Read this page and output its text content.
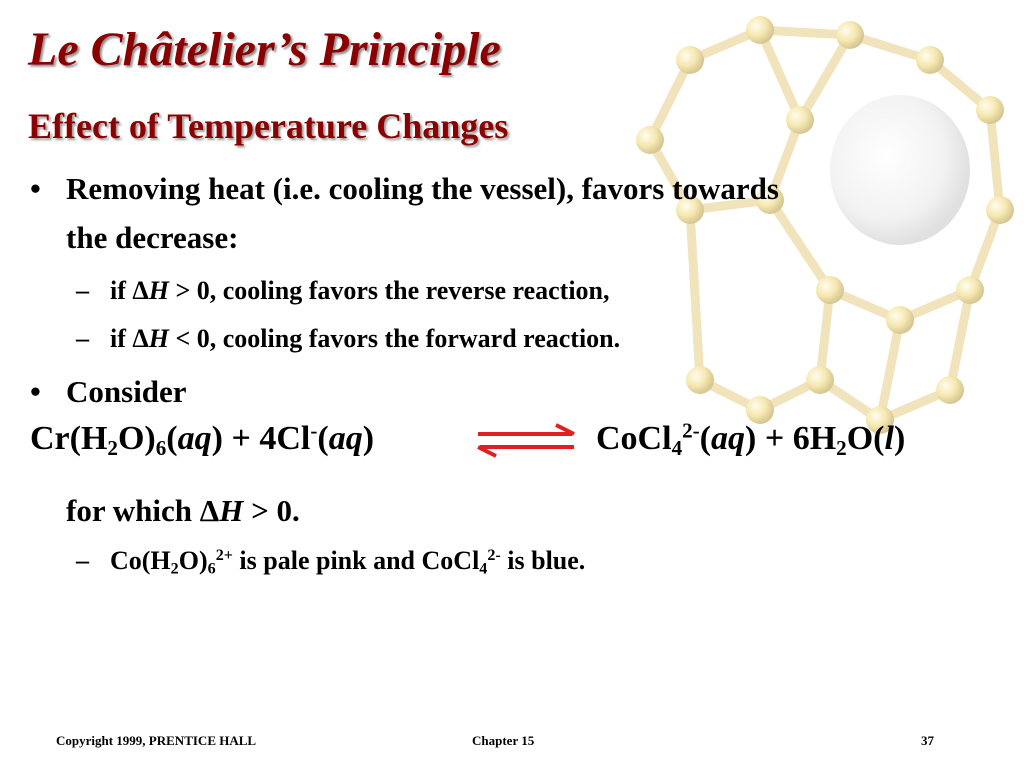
Le Châtelier’s Principle
Effect of Temperature Changes
• Removing heat (i.e. cooling the vessel), favors towards
the decrease:
– if ΔH > 0, cooling favors the reverse reaction,
– if ΔH < 0, cooling favors the forward reaction.
• Consider
$Cr(H_2O)_6(aq) + 4Cl^-(aq)$	CoCl$_4^{2-}$(aq) + $6H_2O(l)$
for which ΔH > 0.
– $Co(H_2O)_6^{2+}$ is pale pink and CoCl$_4^{2-}$ is blue.
Copyright 1999, PRENTICE HALL	Chapter 15	37
